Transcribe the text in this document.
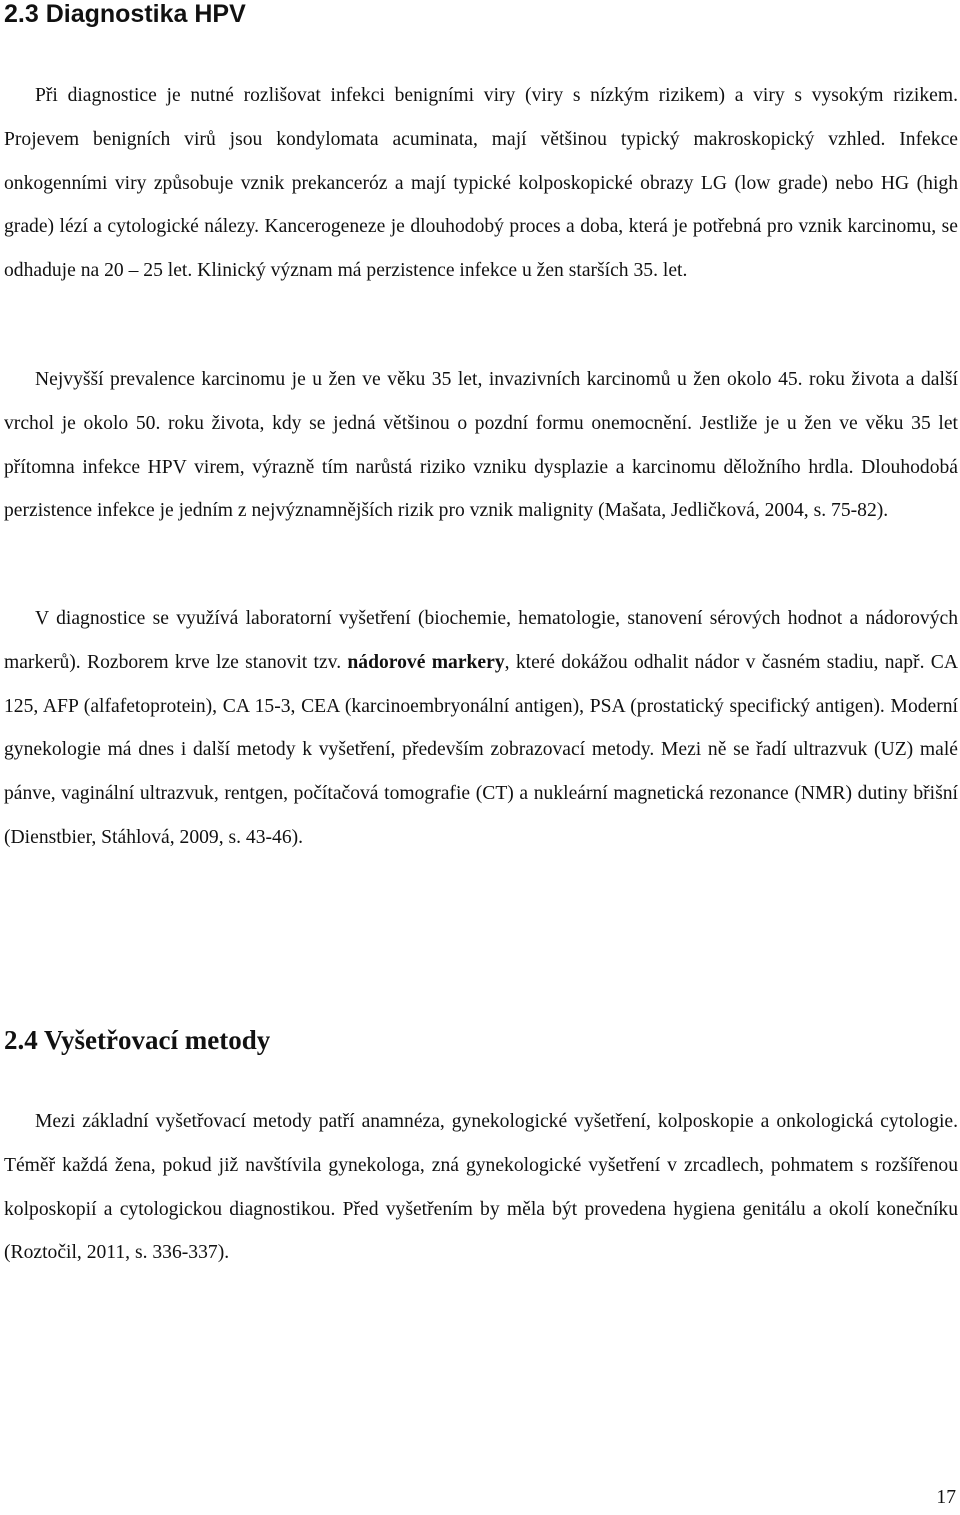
2.3 Diagnostika HPV

Při diagnostice je nutné rozlišovat infekci benigními viry (viry s nízkým rizikem) a viry s vysokým rizikem. Projevem benigních virů jsou kondylomata acuminata, mají většinou typický makroskopický vzhled. Infekce onkogenními viry způsobuje vznik prekanceróz a mají typické kolposkopické obrazy LG (low grade) nebo HG (high grade) lézí a cytologické nálezy. Kancerogeneze je dlouhodobý proces a doba, která je potřebná pro vznik karcinomu, se odhaduje na 20 – 25 let. Klinický význam má perzistence infekce u žen starších 35. let.

Nejvyšší prevalence karcinomu je u žen ve věku 35 let, invazivních karcinomů u žen okolo 45. roku života a další vrchol je okolo 50. roku života, kdy se jedná většinou o pozdní formu onemocnění. Jestliže je u žen ve věku 35 let přítomna infekce HPV virem, výrazně tím narůstá riziko vzniku dysplazie a karcinomu děložního hrdla. Dlouhodobá perzistence infekce je jedním z nejvýznamnějších rizik pro vznik malignity (Mašata, Jedličková, 2004, s. 75-82).

V diagnostice se využívá laboratorní vyšetření (biochemie, hematologie, stanovení sérových hodnot a nádorových markerů). Rozborem krve lze stanovit tzv. nádorové markery, které dokážou odhalit nádor v časném stadiu, např. CA 125, AFP (alfafetoprotein), CA 15-3, CEA (karcinoembryonální antigen), PSA (prostatický specifický antigen). Moderní gynekologie má dnes i další metody k vyšetření, především zobrazovací metody. Mezi ně se řadí ultrazvuk (UZ) malé pánve, vaginální ultrazvuk, rentgen, počítačová tomografie (CT) a nukleární magnetická rezonance (NMR) dutiny břišní (Dienstbier, Stáhlová, 2009, s. 43-46).

2.4 Vyšetřovací metody

Mezi základní vyšetřovací metody patří anamnéza, gynekologické vyšetření, kolposkopie a onkologická cytologie. Téměř každá žena, pokud již navštívila gynekologa, zná gynekologické vyšetření v zrcadlech, pohmatem s rozšířenou kolposkopií a cytologickou diagnostikou. Před vyšetřením by měla být provedena hygiena genitálu a okolí konečníku (Roztočil, 2011, s. 336-337).

17
